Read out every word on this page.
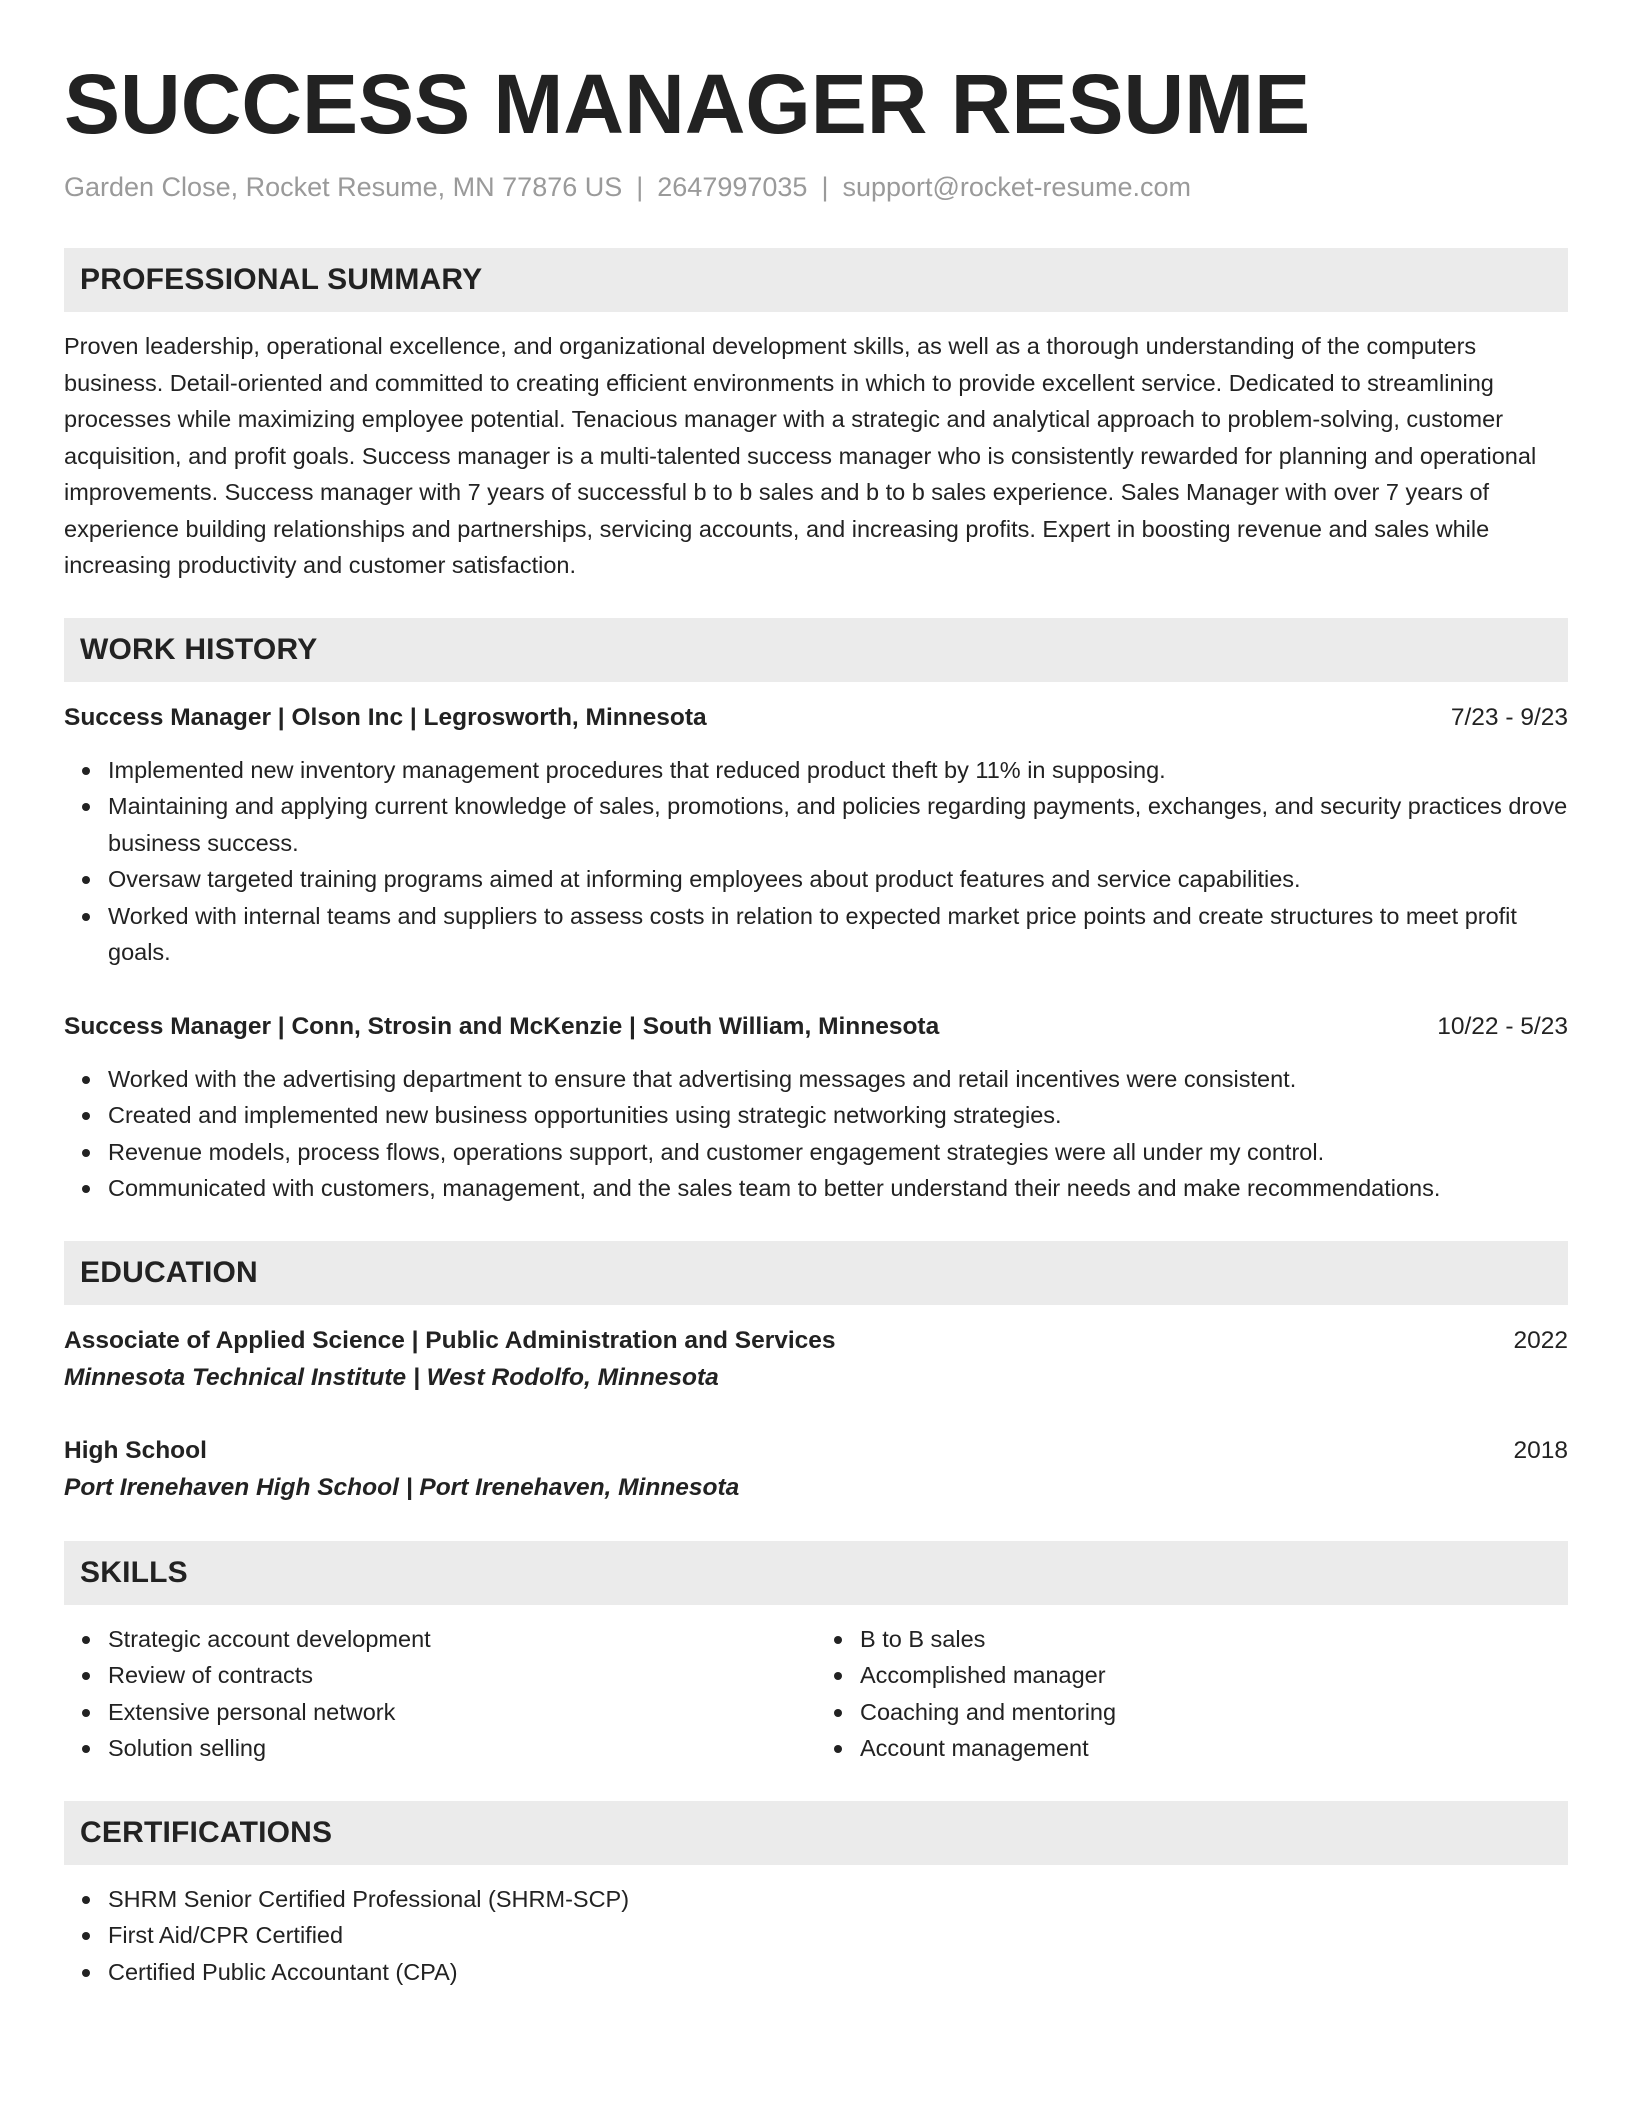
SUCCESS MANAGER RESUME
Garden Close, Rocket Resume, MN 77876 US | 2647997035 | support@rocket-resume.com
PROFESSIONAL SUMMARY
Proven leadership, operational excellence, and organizational development skills, as well as a thorough understanding of the computers business. Detail-oriented and committed to creating efficient environments in which to provide excellent service. Dedicated to streamlining processes while maximizing employee potential. Tenacious manager with a strategic and analytical approach to problem-solving, customer acquisition, and profit goals. Success manager is a multi-talented success manager who is consistently rewarded for planning and operational improvements. Success manager with 7 years of successful b to b sales and b to b sales experience. Sales Manager with over 7 years of experience building relationships and partnerships, servicing accounts, and increasing profits. Expert in boosting revenue and sales while increasing productivity and customer satisfaction.
WORK HISTORY
Success Manager | Olson Inc | Legrosworth, Minnesota	7/23 - 9/23
Implemented new inventory management procedures that reduced product theft by 11% in supposing.
Maintaining and applying current knowledge of sales, promotions, and policies regarding payments, exchanges, and security practices drove business success.
Oversaw targeted training programs aimed at informing employees about product features and service capabilities.
Worked with internal teams and suppliers to assess costs in relation to expected market price points and create structures to meet profit goals.
Success Manager | Conn, Strosin and McKenzie | South William, Minnesota	10/22 - 5/23
Worked with the advertising department to ensure that advertising messages and retail incentives were consistent.
Created and implemented new business opportunities using strategic networking strategies.
Revenue models, process flows, operations support, and customer engagement strategies were all under my control.
Communicated with customers, management, and the sales team to better understand their needs and make recommendations.
EDUCATION
Associate of Applied Science | Public Administration and Services	2022
Minnesota Technical Institute | West Rodolfo, Minnesota
High School	2018
Port Irenehaven High School | Port Irenehaven, Minnesota
SKILLS
Strategic account development
Review of contracts
Extensive personal network
Solution selling
B to B sales
Accomplished manager
Coaching and mentoring
Account management
CERTIFICATIONS
SHRM Senior Certified Professional (SHRM-SCP)
First Aid/CPR Certified
Certified Public Accountant (CPA)
